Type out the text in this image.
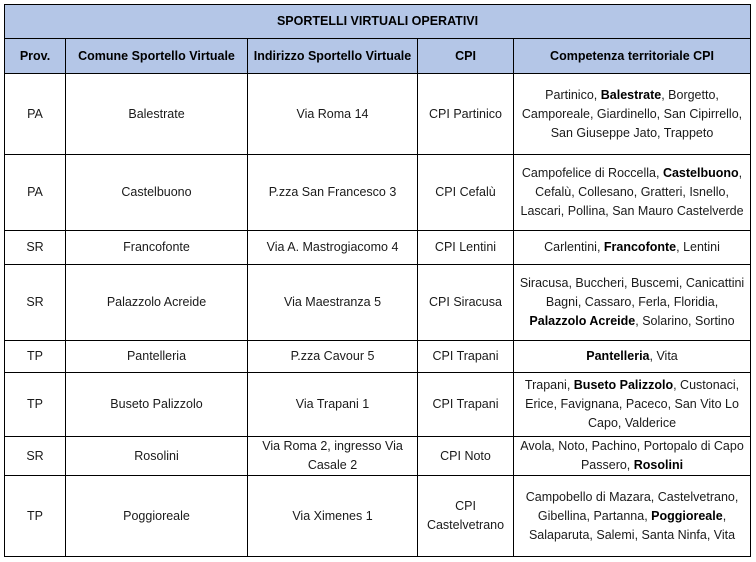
SPORTELLI VIRTUALI OPERATIVI				
Prov.	Comune Sportello Virtuale	Indirizzo Sportello Virtuale	CPI	Competenza territoriale CPI
PA	Balestrate	Via Roma 14	CPI Partinico	Partinico, Balestrate, Borgetto, Camporeale, Giardinello, San Cipirrello, San Giuseppe Jato, Trappeto
PA	Castelbuono	P.zza San Francesco 3	CPI Cefalù	Campofelice di Roccella, Castelbuono, Cefalù, Collesano, Gratteri, Isnello, Lascari, Pollina, San Mauro Castelverde
SR	Francofonte	Via A. Mastrogiacomo 4	CPI Lentini	Carlentini, Francofonte, Lentini
SR	Palazzolo Acreide	Via Maestranza 5	CPI Siracusa	Siracusa, Buccheri, Buscemi, Canicattini Bagni, Cassaro, Ferla, Floridia, Palazzolo Acreide, Solarino, Sortino
TP	Pantelleria	P.zza Cavour 5	CPI Trapani	Pantelleria, Vita
TP	Buseto Palizzolo	Via Trapani 1	CPI Trapani	Trapani, Buseto Palizzolo, Custonaci, Erice, Favignana, Paceco, San Vito Lo Capo, Valderice
SR	Rosolini	Via Roma 2, ingresso Via Casale 2	CPI Noto	Avola, Noto, Pachino, Portopalo di Capo Passero, Rosolini
TP	Poggioreale	Via Ximenes 1	CPI Castelvetrano	Campobello di Mazara, Castelvetrano, Gibellina, Partanna, Poggioreale, Salaparuta, Salemi, Santa Ninfa, Vita
